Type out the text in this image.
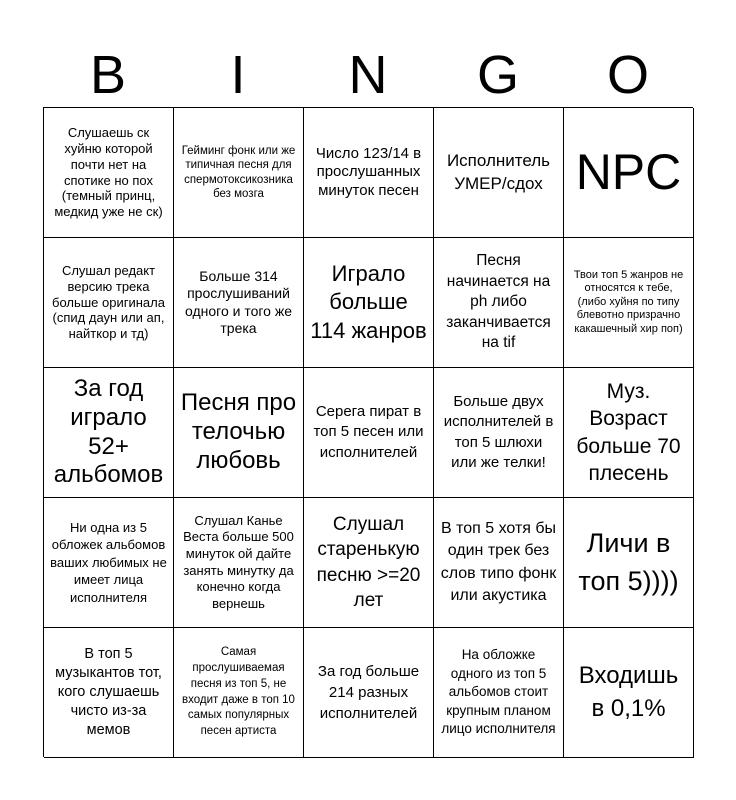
B	I	N	G	O
Слушаешь ск хуйню которой почти нет на спотике но пох (темный принц, медкид уже не ск)
Гейминг фонк или же типичная песня для спермотоксикозника без мозга
Число 123/14 в прослушанных минуток песен
Исполнитель УМЕР/сдох NPC
Слушал редакт версию трека больше оригинала (спид даун или ап, найткор и тд)
Больше 314 прослушиваний одного и того же трека
Играло больше 114 жанров
Песня начинается на ph либо заканчивается на tif
Твои топ 5 жанров не относятся к тебе, (либо хуйня по типу блевотно призрачно какашечный хир поп)
За год играло 52+ альбомов
Песня про телочью любовь
Серега пират в топ 5 песен или исполнителей
Больше двух исполнителей в топ 5 шлюхи или же телки!
Муз. Возраст больше 70 плесень
Ни одна из 5 обложек альбомов ваших любимых не имеет лица исполнителя
Слушал Канье Веста больше 500 минуток ой дайте занять минутку да конечно когда вернешь
Слушал старенькую песню >=20 лет
В топ 5 хотя бы один трек без слов типо фонк или акустика
Личи в топ 5))))
В топ 5 музыкантов тот, кого слушаешь чисто из-за мемов
Самая прослушиваемая песня из топ 5, не входит даже в топ 10 самых популярных песен артиста
За год больше 214 разных исполнителей
На обложке одного из топ 5 альбомов стоит крупным планом лицо исполнителя
Входишь в 0,1%
